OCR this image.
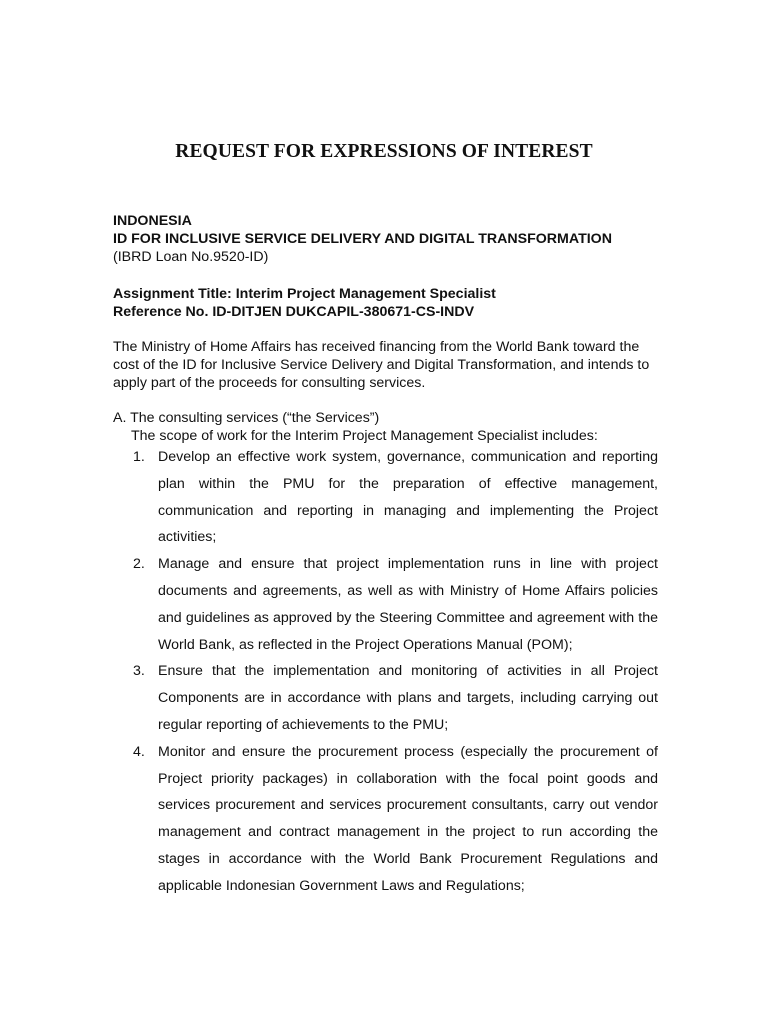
REQUEST FOR EXPRESSIONS OF INTEREST
INDONESIA
ID FOR INCLUSIVE SERVICE DELIVERY AND DIGITAL TRANSFORMATION
(IBRD Loan No.9520-ID)
Assignment Title: Interim Project Management Specialist
Reference No. ID-DITJEN DUKCAPIL-380671-CS-INDV
The Ministry of Home Affairs has received financing from the World Bank toward the cost of the ID for Inclusive Service Delivery and Digital Transformation, and intends to apply part of the proceeds for consulting services.
A. The consulting services (“the Services”)
The scope of work for the Interim Project Management Specialist includes:
1. Develop an effective work system, governance, communication and reporting plan within the PMU for the preparation of effective management, communication and reporting in managing and implementing the Project activities;
2. Manage and ensure that project implementation runs in line with project documents and agreements, as well as with Ministry of Home Affairs policies and guidelines as approved by the Steering Committee and agreement with the World Bank, as reflected in the Project Operations Manual (POM);
3. Ensure that the implementation and monitoring of activities in all Project Components are in accordance with plans and targets, including carrying out regular reporting of achievements to the PMU;
4. Monitor and ensure the procurement process (especially the procurement of Project priority packages) in collaboration with the focal point goods and services procurement and services procurement consultants, carry out vendor management and contract management in the project to run according the stages in accordance with the World Bank Procurement Regulations and applicable Indonesian Government Laws and Regulations;
